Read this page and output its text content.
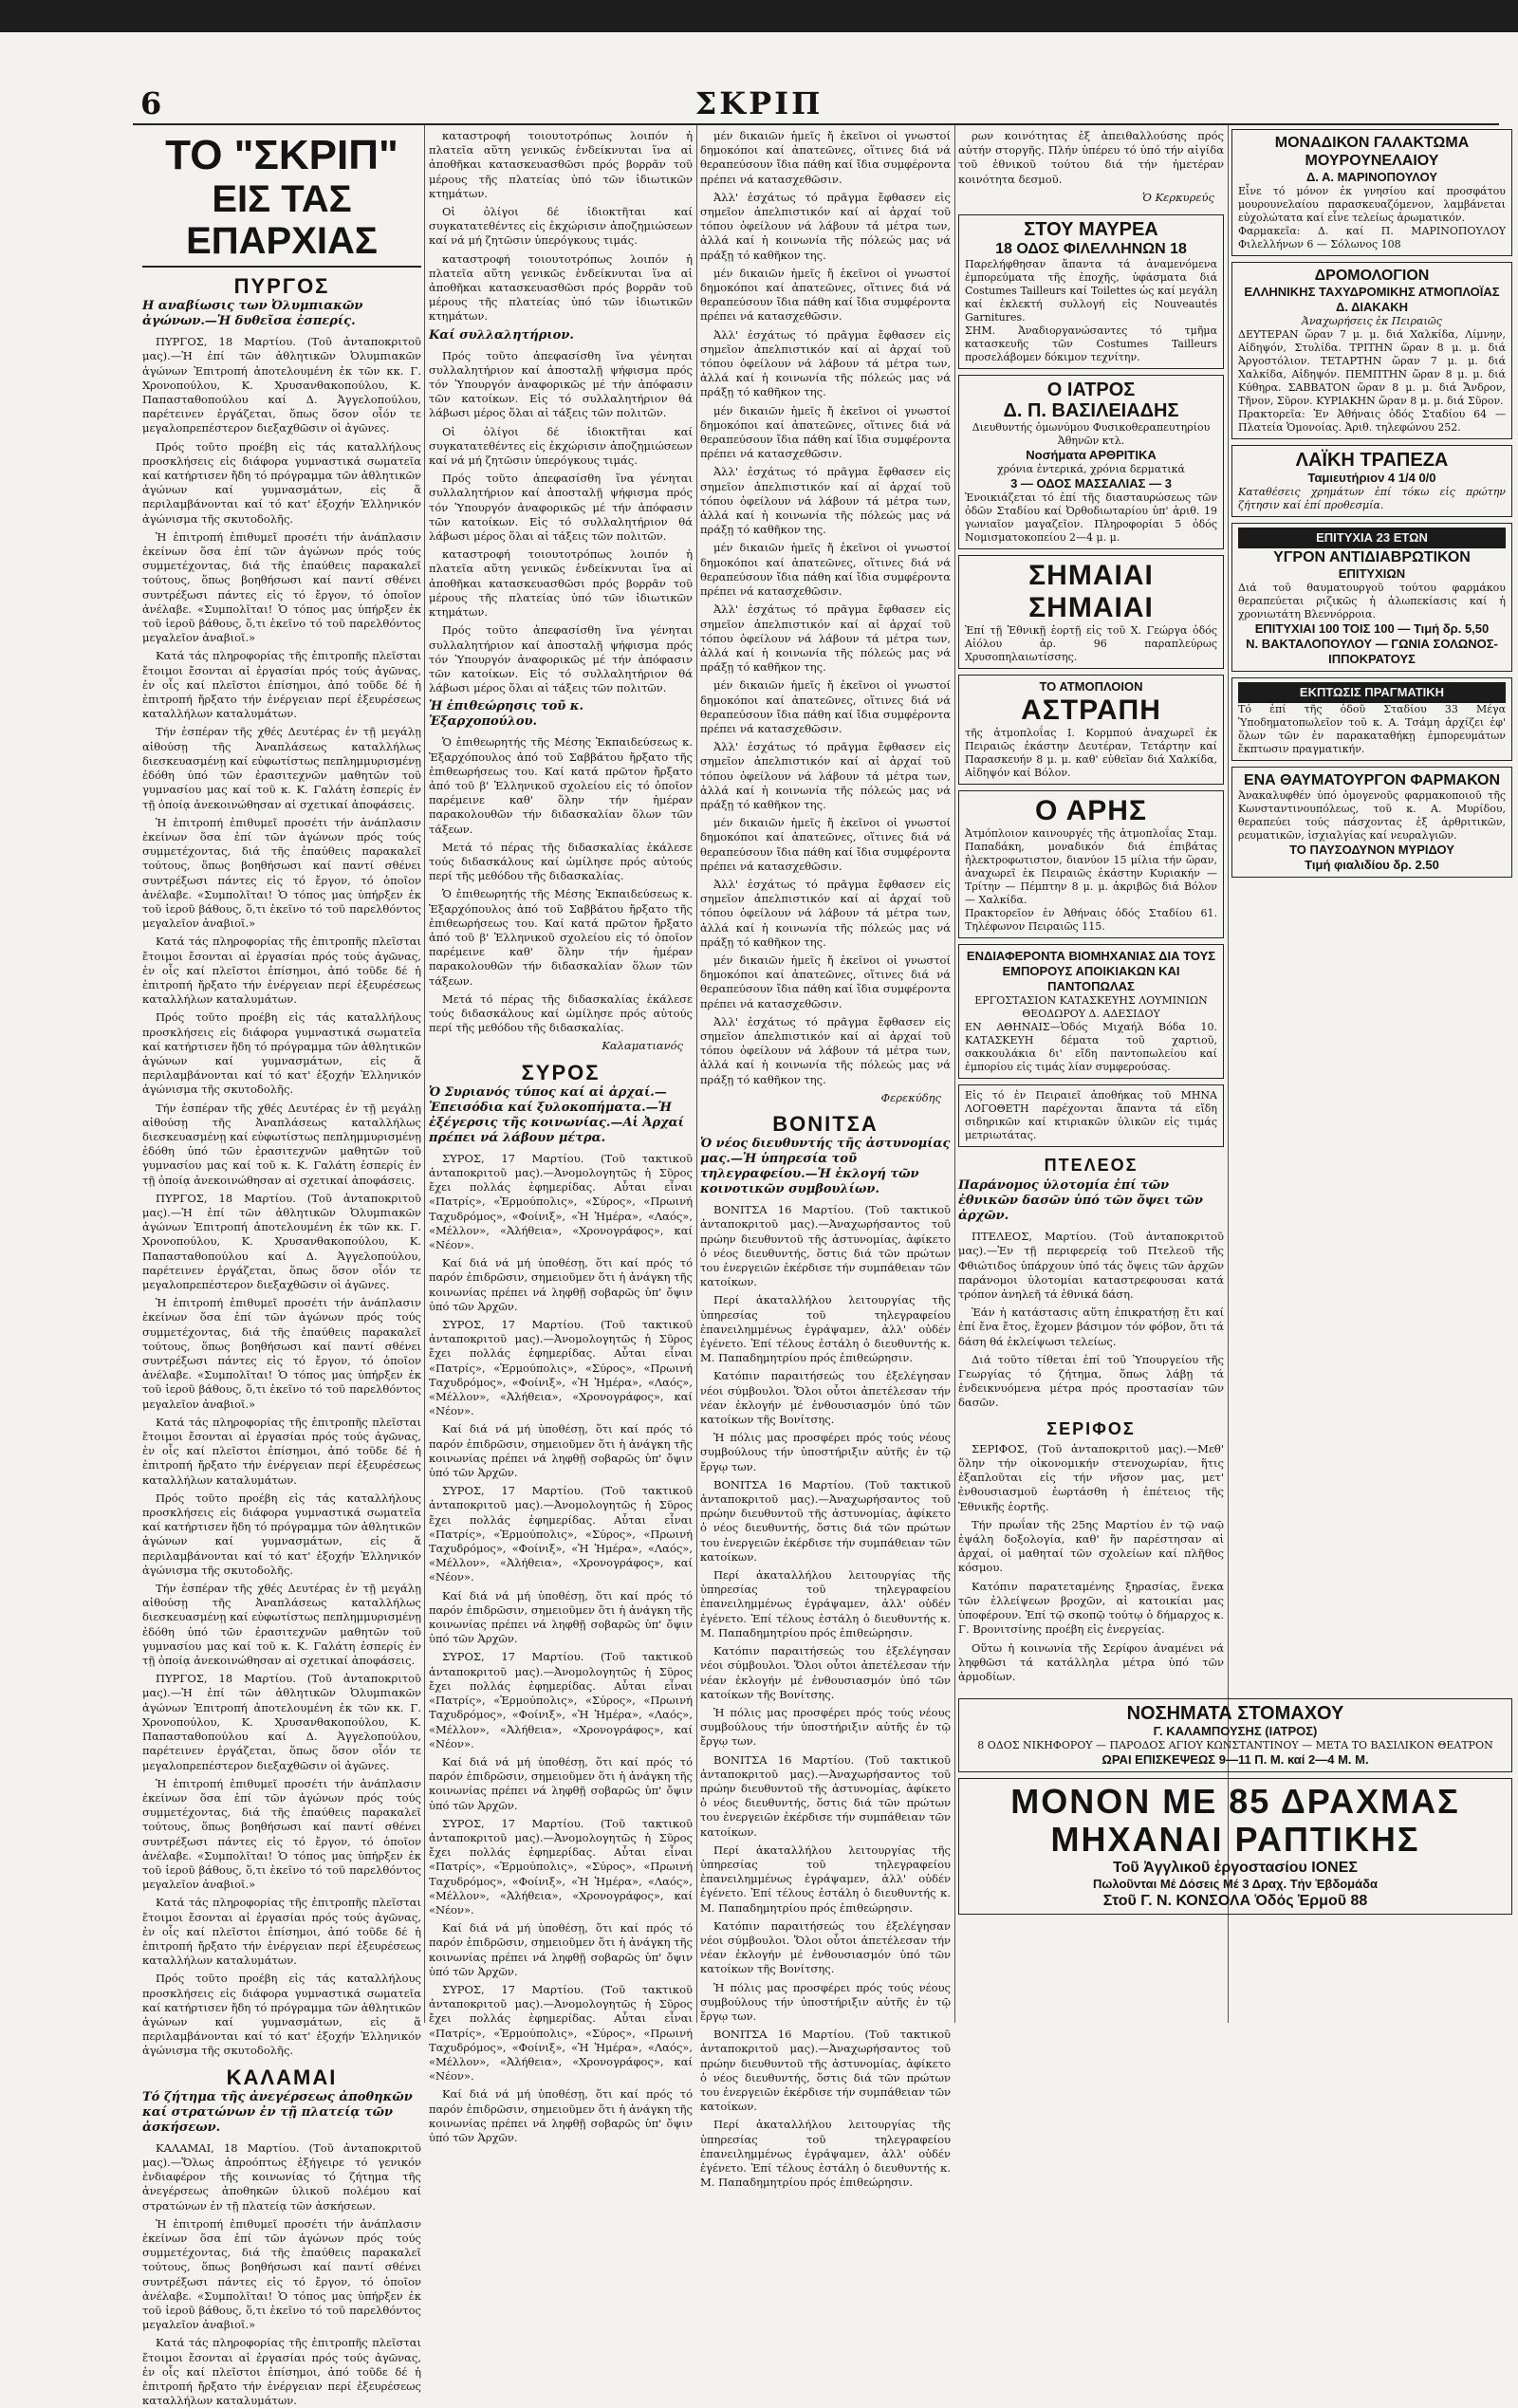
6	ΣΚΡΙΠ
ΤΟ "ΣΚΡΙΠ"
ΕΙΣ ΤΑΣ ΕΠΑΡΧΙΑΣ
ΠΥΡΓΟΣ
Η αναβίωσις των Ὀλυμπιακῶν ἀγώνων.—Ἡ δυθεῖσα ἐσπερίς.

ΠΥΡΓΟΣ, 18 Μαρτίου. (Τοῦ ἀνταποκριτοῦ μας).—Ἡ ἐπί τῶν ἀθλητικῶν Ὀλυμπιακῶν ἀγώνων Ἐπιτροπή ἀποτελουμένη ἐκ τῶν κκ. Γ. Χρονοπούλου, Κ. Χρυσανθακοπούλου, Κ. Παπασταθοπούλου καί Δ. Ἀγγελοπούλου, παρέτεινεν ἐργάζεται, ὅπως ὅσον οἷόν τε μεγαλοπρεπέστερον διεξαχθῶσιν οἱ ἀγῶνες.

Πρός τοῦτο προέβη εἰς τάς καταλλήλους προσκλήσεις εἰς διάφορα γυμναστικά σωματεῖα καί κατήρτισεν ἤδη τό πρόγραμμα τῶν ἀθλητικῶν ἀγώνων καί γυμνασμάτων, εἰς ἅ περιλαμβάνονται καί τό κατ' ἐξοχήν Ἑλληνικόν ἀγώνισμα τῆς σκυτοδολῆς.

Ἡ ἐπιτροπή ἐπιθυμεῖ προσέτι τήν ἀνάπλασιν ἐκείνων ὅσα ἐπί τῶν ἀγώνων πρός τούς συμμετέχοντας, διά τῆς ἐπαύθεις παρακαλεῖ τούτους, ὅπως βοηθήσωσι καί παντί σθένει συντρέξωσι πάντες εἰς τό ἔργον, τό ὁποῖον ἀνέλαβε. «Συμπολῖται! Ὁ τόπος μας ὑπήρξεν ἐκ τοῦ ἱεροῦ βάθους, ὅ,τι ἐκεῖνο τό τοῦ παρελθόντος μεγαλεῖον ἀναβιοῖ.»

Κατά τάς πληροφορίας τῆς ἐπιτροπῆς πλεῖσται ἔτοιμοι ἔσονται αἱ ἐργασίαι πρός τούς ἀγῶνας, ἐν οἷς καί πλεῖστοι ἐπίσημοι, ἀπό τοῦδε δέ ἡ ἐπιτροπή ἤρξατο τήν ἐνέργειαν περί ἐξευρέσεως καταλλήλων καταλυμάτων.

Τήν ἑσπέραν τῆς χθές Δευτέρας ἐν τῇ μεγάλῃ αἰθούσῃ τῆς Ἀναπλάσεως καταλλήλως διεσκευασμένῃ καί εὐφωτίστως πεπλημμυρισμένῃ ἐδόθη ὑπό τῶν ἐρασιτεχνῶν μαθητῶν τοῦ γυμνασίου μας καί τοῦ κ. Κ. Γαλάτη ἐσπερίς ἐν τῇ ὁποίᾳ ἀνεκοινώθησαν αἱ σχετικαί ἀποφάσεις.

Ἡ ἐπιτροπή ἐπιθυμεῖ προσέτι τήν ἀνάπλασιν ἐκείνων ὅσα ἐπί τῶν ἀγώνων πρός τούς συμμετέχοντας, διά τῆς ἐπαύθεις παρακαλεῖ τούτους, ὅπως βοηθήσωσι καί παντί σθένει συντρέξωσι πάντες εἰς τό ἔργον, τό ὁποῖον ἀνέλαβε. «Συμπολῖται! Ὁ τόπος μας ὑπήρξεν ἐκ τοῦ ἱεροῦ βάθους, ὅ,τι ἐκεῖνο τό τοῦ παρελθόντος μεγαλεῖον ἀναβιοῖ.»

Κατά τάς πληροφορίας τῆς ἐπιτροπῆς πλεῖσται ἔτοιμοι ἔσονται αἱ ἐργασίαι πρός τούς ἀγῶνας, ἐν οἷς καί πλεῖστοι ἐπίσημοι, ἀπό τοῦδε δέ ἡ ἐπιτροπή ἤρξατο τήν ἐνέργειαν περί ἐξευρέσεως καταλλήλων καταλυμάτων.

Πρός τοῦτο προέβη εἰς τάς καταλλήλους προσκλήσεις εἰς διάφορα γυμναστικά σωματεῖα καί κατήρτισεν ἤδη τό πρόγραμμα τῶν ἀθλητικῶν ἀγώνων καί γυμνασμάτων, εἰς ἅ περιλαμβάνονται καί τό κατ' ἐξοχήν Ἑλληνικόν ἀγώνισμα τῆς σκυτοδολῆς.

Τήν ἑσπέραν τῆς χθές Δευτέρας ἐν τῇ μεγάλῃ αἰθούσῃ τῆς Ἀναπλάσεως καταλλήλως διεσκευασμένῃ καί εὐφωτίστως πεπλημμυρισμένῃ ἐδόθη ὑπό τῶν ἐρασιτεχνῶν μαθητῶν τοῦ γυμνασίου μας καί τοῦ κ. Κ. Γαλάτη ἐσπερίς ἐν τῇ ὁποίᾳ ἀνεκοινώθησαν αἱ σχετικαί ἀποφάσεις.

ΠΥΡΓΟΣ, 18 Μαρτίου. (Τοῦ ἀνταποκριτοῦ μας).—Ἡ ἐπί τῶν ἀθλητικῶν Ὀλυμπιακῶν ἀγώνων Ἐπιτροπή ἀποτελουμένη ἐκ τῶν κκ. Γ. Χρονοπούλου, Κ. Χρυσανθακοπούλου, Κ. Παπασταθοπούλου καί Δ. Ἀγγελοπούλου, παρέτεινεν ἐργάζεται, ὅπως ὅσον οἷόν τε μεγαλοπρεπέστερον διεξαχθῶσιν οἱ ἀγῶνες.

Ἡ ἐπιτροπή ἐπιθυμεῖ προσέτι τήν ἀνάπλασιν ἐκείνων ὅσα ἐπί τῶν ἀγώνων πρός τούς συμμετέχοντας, διά τῆς ἐπαύθεις παρακαλεῖ τούτους, ὅπως βοηθήσωσι καί παντί σθένει συντρέξωσι πάντες εἰς τό ἔργον, τό ὁποῖον ἀνέλαβε. «Συμπολῖται! Ὁ τόπος μας ὑπήρξεν ἐκ τοῦ ἱεροῦ βάθους, ὅ,τι ἐκεῖνο τό τοῦ παρελθόντος μεγαλεῖον ἀναβιοῖ.»

Κατά τάς πληροφορίας τῆς ἐπιτροπῆς πλεῖσται ἔτοιμοι ἔσονται αἱ ἐργασίαι πρός τούς ἀγῶνας, ἐν οἷς καί πλεῖστοι ἐπίσημοι, ἀπό τοῦδε δέ ἡ ἐπιτροπή ἤρξατο τήν ἐνέργειαν περί ἐξευρέσεως καταλλήλων καταλυμάτων.

Πρός τοῦτο προέβη εἰς τάς καταλλήλους προσκλήσεις εἰς διάφορα γυμναστικά σωματεῖα καί κατήρτισεν ἤδη τό πρόγραμμα τῶν ἀθλητικῶν ἀγώνων καί γυμνασμάτων, εἰς ἅ περιλαμβάνονται καί τό κατ' ἐξοχήν Ἑλληνικόν ἀγώνισμα τῆς σκυτοδολῆς.

Τήν ἑσπέραν τῆς χθές Δευτέρας ἐν τῇ μεγάλῃ αἰθούσῃ τῆς Ἀναπλάσεως καταλλήλως διεσκευασμένῃ καί εὐφωτίστως πεπλημμυρισμένῃ ἐδόθη ὑπό τῶν ἐρασιτεχνῶν μαθητῶν τοῦ γυμνασίου μας καί τοῦ κ. Κ. Γαλάτη ἐσπερίς ἐν τῇ ὁποίᾳ ἀνεκοινώθησαν αἱ σχετικαί ἀποφάσεις.

ΠΥΡΓΟΣ, 18 Μαρτίου. (Τοῦ ἀνταποκριτοῦ μας).—Ἡ ἐπί τῶν ἀθλητικῶν Ὀλυμπιακῶν ἀγώνων Ἐπιτροπή ἀποτελουμένη ἐκ τῶν κκ. Γ. Χρονοπούλου, Κ. Χρυσανθακοπούλου, Κ. Παπασταθοπούλου καί Δ. Ἀγγελοπούλου, παρέτεινεν ἐργάζεται, ὅπως ὅσον οἷόν τε μεγαλοπρεπέστερον διεξαχθῶσιν οἱ ἀγῶνες.

Ἡ ἐπιτροπή ἐπιθυμεῖ προσέτι τήν ἀνάπλασιν ἐκείνων ὅσα ἐπί τῶν ἀγώνων πρός τούς συμμετέχοντας, διά τῆς ἐπαύθεις παρακαλεῖ τούτους, ὅπως βοηθήσωσι καί παντί σθένει συντρέξωσι πάντες εἰς τό ἔργον, τό ὁποῖον ἀνέλαβε. «Συμπολῖται! Ὁ τόπος μας ὑπήρξεν ἐκ τοῦ ἱεροῦ βάθους, ὅ,τι ἐκεῖνο τό τοῦ παρελθόντος μεγαλεῖον ἀναβιοῖ.»

Κατά τάς πληροφορίας τῆς ἐπιτροπῆς πλεῖσται ἔτοιμοι ἔσονται αἱ ἐργασίαι πρός τούς ἀγῶνας, ἐν οἷς καί πλεῖστοι ἐπίσημοι, ἀπό τοῦδε δέ ἡ ἐπιτροπή ἤρξατο τήν ἐνέργειαν περί ἐξευρέσεως καταλλήλων καταλυμάτων.

Πρός τοῦτο προέβη εἰς τάς καταλλήλους προσκλήσεις εἰς διάφορα γυμναστικά σωματεῖα καί κατήρτισεν ἤδη τό πρόγραμμα τῶν ἀθλητικῶν ἀγώνων καί γυμνασμάτων, εἰς ἅ περιλαμβάνονται καί τό κατ' ἐξοχήν Ἑλληνικόν ἀγώνισμα τῆς σκυτοδολῆς.

ΚΑΛΑΜΑΙ
Τό ζήτημα τῆς ἀνεγέρσεως ἀποθηκῶν καί στρατώνων ἐν τῇ πλατείᾳ τῶν ἀσκήσεων.

ΚΑΛΑΜΑΙ, 18 Μαρτίου. (Τοῦ ἀνταποκριτοῦ μας).—Ὅλως ἀπροόπτως ἐξήγειρε τό γενικόν ἐνδιαφέρον τῆς κοινωνίας τό ζήτημα τῆς ἀνεγέρσεως ἀποθηκῶν ὑλικοῦ πολέμου καί στρατώνων ἐν τῇ πλατείᾳ τῶν ἀσκήσεων.

Ἡ ἐπιτροπή ἐπιθυμεῖ προσέτι τήν ἀνάπλασιν ἐκείνων ὅσα ἐπί τῶν ἀγώνων πρός τούς συμμετέχοντας, διά τῆς ἐπαύθεις παρακαλεῖ τούτους, ὅπως βοηθήσωσι καί παντί σθένει συντρέξωσι πάντες εἰς τό ἔργον, τό ὁποῖον ἀνέλαβε. «Συμπολῖται! Ὁ τόπος μας ὑπήρξεν ἐκ τοῦ ἱεροῦ βάθους, ὅ,τι ἐκεῖνο τό τοῦ παρελθόντος μεγαλεῖον ἀναβιοῖ.»

Κατά τάς πληροφορίας τῆς ἐπιτροπῆς πλεῖσται ἔτοιμοι ἔσονται αἱ ἐργασίαι πρός τούς ἀγῶνας, ἐν οἷς καί πλεῖστοι ἐπίσημοι, ἀπό τοῦδε δέ ἡ ἐπιτροπή ἤρξατο τήν ἐνέργειαν περί ἐξευρέσεως καταλλήλων καταλυμάτων.

καταστροφή τοιουτοτρόπως λοιπόν ἡ πλατεῖα αὕτη γενικῶς ἐνδείκνυται ἵνα αἱ ἀποθῆκαι κατασκευασθῶσι πρός βορρᾶν τοῦ μέρους τῆς πλατείας ὑπό τῶν ἰδιωτικῶν κτημάτων.

Οἱ ὀλίγοι δέ ἰδιοκτῆται καί συγκατατεθέντες εἰς ἐκχώρισιν ἀποζημιώσεων καί νά μή ζητῶσιν ὑπερόγκους τιμάς.

καταστροφή τοιουτοτρόπως λοιπόν ἡ πλατεῖα αὕτη γενικῶς ἐνδείκνυται ἵνα αἱ ἀποθῆκαι κατασκευασθῶσι πρός βορρᾶν τοῦ μέρους τῆς πλατείας ὑπό τῶν ἰδιωτικῶν κτημάτων.

Καί συλλαλητήριον.

Πρός τοῦτο ἀπεφασίσθη ἵνα γένηται συλλαλητήριον καί ἀποσταλῇ ψήφισμα πρός τόν Ὑπουργόν ἀναφορικῶς μέ τήν ἀπόφασιν τῶν κατοίκων. Εἰς τό συλλαλητήριον θά λάβωσι μέρος ὅλαι αἱ τάξεις τῶν πολιτῶν.

Οἱ ὀλίγοι δέ ἰδιοκτῆται καί συγκατατεθέντες εἰς ἐκχώρισιν ἀποζημιώσεων καί νά μή ζητῶσιν ὑπερόγκους τιμάς.

Πρός τοῦτο ἀπεφασίσθη ἵνα γένηται συλλαλητήριον καί ἀποσταλῇ ψήφισμα πρός τόν Ὑπουργόν ἀναφορικῶς μέ τήν ἀπόφασιν τῶν κατοίκων. Εἰς τό συλλαλητήριον θά λάβωσι μέρος ὅλαι αἱ τάξεις τῶν πολιτῶν.

καταστροφή τοιουτοτρόπως λοιπόν ἡ πλατεῖα αὕτη γενικῶς ἐνδείκνυται ἵνα αἱ ἀποθῆκαι κατασκευασθῶσι πρός βορρᾶν τοῦ μέρους τῆς πλατείας ὑπό τῶν ἰδιωτικῶν κτημάτων.

Πρός τοῦτο ἀπεφασίσθη ἵνα γένηται συλλαλητήριον καί ἀποσταλῇ ψήφισμα πρός τόν Ὑπουργόν ἀναφορικῶς μέ τήν ἀπόφασιν τῶν κατοίκων. Εἰς τό συλλαλητήριον θά λάβωσι μέρος ὅλαι αἱ τάξεις τῶν πολιτῶν.

Ἡ ἐπιθεώρησις τοῦ κ. Ἐξαρχοπούλου.

Ὁ ἐπιθεωρητής τῆς Μέσης Ἐκπαιδεύσεως κ. Ἐξαρχόπουλος ἀπό τοῦ Σαββάτου ἤρξατο τῆς ἐπιθεωρήσεως του. Καί κατά πρῶτον ἤρξατο ἀπό τοῦ β' Ἑλληνικοῦ σχολείου εἰς τό ὁποῖον παρέμεινε καθ' ὅλην τήν ἡμέραν παρακολουθῶν τήν διδασκαλίαν ὅλων τῶν τάξεων.

Μετά τό πέρας τῆς διδασκαλίας ἐκάλεσε τούς διδασκάλους καί ὡμίλησε πρός αὐτούς περί τῆς μεθόδου τῆς διδασκαλίας.

Ὁ ἐπιθεωρητής τῆς Μέσης Ἐκπαιδεύσεως κ. Ἐξαρχόπουλος ἀπό τοῦ Σαββάτου ἤρξατο τῆς ἐπιθεωρήσεως του. Καί κατά πρῶτον ἤρξατο ἀπό τοῦ β' Ἑλληνικοῦ σχολείου εἰς τό ὁποῖον παρέμεινε καθ' ὅλην τήν ἡμέραν παρακολουθῶν τήν διδασκαλίαν ὅλων τῶν τάξεων.

Μετά τό πέρας τῆς διδασκαλίας ἐκάλεσε τούς διδασκάλους καί ὡμίλησε πρός αὐτούς περί τῆς μεθόδου τῆς διδασκαλίας.

Καλαματιανός
ΣΥΡΟΣ
Ὁ Συριανός τύπος καί αἱ ἀρχαί.—Ἐπεισόδια καί ξυλοκοπήματα.—Ἡ ἐξέγερσις τῆς κοινωνίας.—Αἱ Ἀρχαί πρέπει νά λάβουν μέτρα.

ΣΥΡΟΣ, 17 Μαρτίου. (Τοῦ τακτικοῦ ἀνταποκριτοῦ μας).—Ἀνομολογητῶς ἡ Σῦρος ἔχει πολλάς ἐφημερίδας. Αὗται εἶναι «Πατρίς», «Ἑρμούπολις», «Σύρος», «Πρωινή Ταχυδρόμος», «Φοίνιξ», «Ἡ Ἡμέρα», «Λαός», «Μέλλον», «Ἀλήθεια», «Χρονογράφος», καί «Νέον».

Καί διά νά μή ὑποθέσῃ, ὅτι καί πρός τό παρόν ἐπιδρῶσιν, σημειοῦμεν ὅτι ἡ ἀνάγκη τῆς κοινωνίας πρέπει νά ληφθῇ σοβαρῶς ὑπ' ὄψιν ὑπό τῶν Ἀρχῶν.

ΣΥΡΟΣ, 17 Μαρτίου. (Τοῦ τακτικοῦ ἀνταποκριτοῦ μας).—Ἀνομολογητῶς ἡ Σῦρος ἔχει πολλάς ἐφημερίδας. Αὗται εἶναι «Πατρίς», «Ἑρμούπολις», «Σύρος», «Πρωινή Ταχυδρόμος», «Φοίνιξ», «Ἡ Ἡμέρα», «Λαός», «Μέλλον», «Ἀλήθεια», «Χρονογράφος», καί «Νέον».

Καί διά νά μή ὑποθέσῃ, ὅτι καί πρός τό παρόν ἐπιδρῶσιν, σημειοῦμεν ὅτι ἡ ἀνάγκη τῆς κοινωνίας πρέπει νά ληφθῇ σοβαρῶς ὑπ' ὄψιν ὑπό τῶν Ἀρχῶν.

ΣΥΡΟΣ, 17 Μαρτίου. (Τοῦ τακτικοῦ ἀνταποκριτοῦ μας).—Ἀνομολογητῶς ἡ Σῦρος ἔχει πολλάς ἐφημερίδας. Αὗται εἶναι «Πατρίς», «Ἑρμούπολις», «Σύρος», «Πρωινή Ταχυδρόμος», «Φοίνιξ», «Ἡ Ἡμέρα», «Λαός», «Μέλλον», «Ἀλήθεια», «Χρονογράφος», καί «Νέον».

Καί διά νά μή ὑποθέσῃ, ὅτι καί πρός τό παρόν ἐπιδρῶσιν, σημειοῦμεν ὅτι ἡ ἀνάγκη τῆς κοινωνίας πρέπει νά ληφθῇ σοβαρῶς ὑπ' ὄψιν ὑπό τῶν Ἀρχῶν.

ΣΥΡΟΣ, 17 Μαρτίου. (Τοῦ τακτικοῦ ἀνταποκριτοῦ μας).—Ἀνομολογητῶς ἡ Σῦρος ἔχει πολλάς ἐφημερίδας. Αὗται εἶναι «Πατρίς», «Ἑρμούπολις», «Σύρος», «Πρωινή Ταχυδρόμος», «Φοίνιξ», «Ἡ Ἡμέρα», «Λαός», «Μέλλον», «Ἀλήθεια», «Χρονογράφος», καί «Νέον».

Καί διά νά μή ὑποθέσῃ, ὅτι καί πρός τό παρόν ἐπιδρῶσιν, σημειοῦμεν ὅτι ἡ ἀνάγκη τῆς κοινωνίας πρέπει νά ληφθῇ σοβαρῶς ὑπ' ὄψιν ὑπό τῶν Ἀρχῶν.

ΣΥΡΟΣ, 17 Μαρτίου. (Τοῦ τακτικοῦ ἀνταποκριτοῦ μας).—Ἀνομολογητῶς ἡ Σῦρος ἔχει πολλάς ἐφημερίδας. Αὗται εἶναι «Πατρίς», «Ἑρμούπολις», «Σύρος», «Πρωινή Ταχυδρόμος», «Φοίνιξ», «Ἡ Ἡμέρα», «Λαός», «Μέλλον», «Ἀλήθεια», «Χρονογράφος», καί «Νέον».

Καί διά νά μή ὑποθέσῃ, ὅτι καί πρός τό παρόν ἐπιδρῶσιν, σημειοῦμεν ὅτι ἡ ἀνάγκη τῆς κοινωνίας πρέπει νά ληφθῇ σοβαρῶς ὑπ' ὄψιν ὑπό τῶν Ἀρχῶν.

ΣΥΡΟΣ, 17 Μαρτίου. (Τοῦ τακτικοῦ ἀνταποκριτοῦ μας).—Ἀνομολογητῶς ἡ Σῦρος ἔχει πολλάς ἐφημερίδας. Αὗται εἶναι «Πατρίς», «Ἑρμούπολις», «Σύρος», «Πρωινή Ταχυδρόμος», «Φοίνιξ», «Ἡ Ἡμέρα», «Λαός», «Μέλλον», «Ἀλήθεια», «Χρονογράφος», καί «Νέον».

Καί διά νά μή ὑποθέσῃ, ὅτι καί πρός τό παρόν ἐπιδρῶσιν, σημειοῦμεν ὅτι ἡ ἀνάγκη τῆς κοινωνίας πρέπει νά ληφθῇ σοβαρῶς ὑπ' ὄψιν ὑπό τῶν Ἀρχῶν.

μέν δικαιῶν ἡμεῖς ἤ ἐκεῖνοι οἱ γνωστοί δημοκόποι καί ἀπατεῶνες, οἵτινες διά νά θεραπεύσουν ἴδια πάθη καί ἴδια συμφέροντα πρέπει νά κατασχεθῶσιν.

Ἀλλ' ἐσχάτως τό πρᾶγμα ἔφθασεν εἰς σημεῖον ἀπελπιστικόν καί αἱ ἀρχαί τοῦ τόπου ὀφείλουν νά λάβουν τά μέτρα των, ἀλλά καί ἡ κοινωνία τῆς πόλεώς μας νά πράξῃ τό καθῆκον της.

μέν δικαιῶν ἡμεῖς ἤ ἐκεῖνοι οἱ γνωστοί δημοκόποι καί ἀπατεῶνες, οἵτινες διά νά θεραπεύσουν ἴδια πάθη καί ἴδια συμφέροντα πρέπει νά κατασχεθῶσιν.

Ἀλλ' ἐσχάτως τό πρᾶγμα ἔφθασεν εἰς σημεῖον ἀπελπιστικόν καί αἱ ἀρχαί τοῦ τόπου ὀφείλουν νά λάβουν τά μέτρα των, ἀλλά καί ἡ κοινωνία τῆς πόλεώς μας νά πράξῃ τό καθῆκον της.

μέν δικαιῶν ἡμεῖς ἤ ἐκεῖνοι οἱ γνωστοί δημοκόποι καί ἀπατεῶνες, οἵτινες διά νά θεραπεύσουν ἴδια πάθη καί ἴδια συμφέροντα πρέπει νά κατασχεθῶσιν.

Ἀλλ' ἐσχάτως τό πρᾶγμα ἔφθασεν εἰς σημεῖον ἀπελπιστικόν καί αἱ ἀρχαί τοῦ τόπου ὀφείλουν νά λάβουν τά μέτρα των, ἀλλά καί ἡ κοινωνία τῆς πόλεώς μας νά πράξῃ τό καθῆκον της.

μέν δικαιῶν ἡμεῖς ἤ ἐκεῖνοι οἱ γνωστοί δημοκόποι καί ἀπατεῶνες, οἵτινες διά νά θεραπεύσουν ἴδια πάθη καί ἴδια συμφέροντα πρέπει νά κατασχεθῶσιν.

Ἀλλ' ἐσχάτως τό πρᾶγμα ἔφθασεν εἰς σημεῖον ἀπελπιστικόν καί αἱ ἀρχαί τοῦ τόπου ὀφείλουν νά λάβουν τά μέτρα των, ἀλλά καί ἡ κοινωνία τῆς πόλεώς μας νά πράξῃ τό καθῆκον της.

μέν δικαιῶν ἡμεῖς ἤ ἐκεῖνοι οἱ γνωστοί δημοκόποι καί ἀπατεῶνες, οἵτινες διά νά θεραπεύσουν ἴδια πάθη καί ἴδια συμφέροντα πρέπει νά κατασχεθῶσιν.

Ἀλλ' ἐσχάτως τό πρᾶγμα ἔφθασεν εἰς σημεῖον ἀπελπιστικόν καί αἱ ἀρχαί τοῦ τόπου ὀφείλουν νά λάβουν τά μέτρα των, ἀλλά καί ἡ κοινωνία τῆς πόλεώς μας νά πράξῃ τό καθῆκον της.

μέν δικαιῶν ἡμεῖς ἤ ἐκεῖνοι οἱ γνωστοί δημοκόποι καί ἀπατεῶνες, οἵτινες διά νά θεραπεύσουν ἴδια πάθη καί ἴδια συμφέροντα πρέπει νά κατασχεθῶσιν.

Ἀλλ' ἐσχάτως τό πρᾶγμα ἔφθασεν εἰς σημεῖον ἀπελπιστικόν καί αἱ ἀρχαί τοῦ τόπου ὀφείλουν νά λάβουν τά μέτρα των, ἀλλά καί ἡ κοινωνία τῆς πόλεώς μας νά πράξῃ τό καθῆκον της.

μέν δικαιῶν ἡμεῖς ἤ ἐκεῖνοι οἱ γνωστοί δημοκόποι καί ἀπατεῶνες, οἵτινες διά νά θεραπεύσουν ἴδια πάθη καί ἴδια συμφέροντα πρέπει νά κατασχεθῶσιν.

Ἀλλ' ἐσχάτως τό πρᾶγμα ἔφθασεν εἰς σημεῖον ἀπελπιστικόν καί αἱ ἀρχαί τοῦ τόπου ὀφείλουν νά λάβουν τά μέτρα των, ἀλλά καί ἡ κοινωνία τῆς πόλεώς μας νά πράξῃ τό καθῆκον της.

Φερεκύδης
ΒΟΝΙΤΣΑ
Ὁ νέος διευθυντής τῆς ἀστυνομίας μας.—Ἡ ὑπηρεσία τοῦ τηλεγραφείου.—Ἡ ἐκλογή τῶν κοινοτικῶν συμβουλίων.

ΒΟΝΙΤΣΑ 16 Μαρτίου. (Τοῦ τακτικοῦ ἀνταποκριτοῦ μας).—Ἀναχωρήσαντος τοῦ πρώην διευθυντοῦ τῆς ἀστυνομίας, ἀφίκετο ὁ νέος διευθυντής, ὅστις διά τῶν πρώτων του ἐνεργειῶν ἐκέρδισε τήν συμπάθειαν τῶν κατοίκων.

Περί ἀκαταλλήλου λειτουργίας τῆς ὑπηρεσίας τοῦ τηλεγραφείου ἐπανειλημμένως ἐγράψαμεν, ἀλλ' οὐδέν ἐγένετο. Ἐπί τέλους ἐστάλη ὁ διευθυντής κ. Μ. Παπαδημητρίου πρός ἐπιθεώρησιν.

Κατόπιν παραιτήσεώς του ἐξελέγησαν νέοι σύμβουλοι. Ὅλοι οὗτοι ἀπετέλεσαν τήν νέαν ἐκλογήν μέ ἐνθουσιασμόν ὑπό τῶν κατοίκων τῆς Βονίτσης.

Ἡ πόλις μας προσφέρει πρός τούς νέους συμβούλους τήν ὑποστήριξιν αὐτῆς ἐν τῷ ἔργῳ των.

ΒΟΝΙΤΣΑ 16 Μαρτίου. (Τοῦ τακτικοῦ ἀνταποκριτοῦ μας).—Ἀναχωρήσαντος τοῦ πρώην διευθυντοῦ τῆς ἀστυνομίας, ἀφίκετο ὁ νέος διευθυντής, ὅστις διά τῶν πρώτων του ἐνεργειῶν ἐκέρδισε τήν συμπάθειαν τῶν κατοίκων.

Περί ἀκαταλλήλου λειτουργίας τῆς ὑπηρεσίας τοῦ τηλεγραφείου ἐπανειλημμένως ἐγράψαμεν, ἀλλ' οὐδέν ἐγένετο. Ἐπί τέλους ἐστάλη ὁ διευθυντής κ. Μ. Παπαδημητρίου πρός ἐπιθεώρησιν.

Κατόπιν παραιτήσεώς του ἐξελέγησαν νέοι σύμβουλοι. Ὅλοι οὗτοι ἀπετέλεσαν τήν νέαν ἐκλογήν μέ ἐνθουσιασμόν ὑπό τῶν κατοίκων τῆς Βονίτσης.

Ἡ πόλις μας προσφέρει πρός τούς νέους συμβούλους τήν ὑποστήριξιν αὐτῆς ἐν τῷ ἔργῳ των.

ΒΟΝΙΤΣΑ 16 Μαρτίου. (Τοῦ τακτικοῦ ἀνταποκριτοῦ μας).—Ἀναχωρήσαντος τοῦ πρώην διευθυντοῦ τῆς ἀστυνομίας, ἀφίκετο ὁ νέος διευθυντής, ὅστις διά τῶν πρώτων του ἐνεργειῶν ἐκέρδισε τήν συμπάθειαν τῶν κατοίκων.

Περί ἀκαταλλήλου λειτουργίας τῆς ὑπηρεσίας τοῦ τηλεγραφείου ἐπανειλημμένως ἐγράψαμεν, ἀλλ' οὐδέν ἐγένετο. Ἐπί τέλους ἐστάλη ὁ διευθυντής κ. Μ. Παπαδημητρίου πρός ἐπιθεώρησιν.

Κατόπιν παραιτήσεώς του ἐξελέγησαν νέοι σύμβουλοι. Ὅλοι οὗτοι ἀπετέλεσαν τήν νέαν ἐκλογήν μέ ἐνθουσιασμόν ὑπό τῶν κατοίκων τῆς Βονίτσης.

Ἡ πόλις μας προσφέρει πρός τούς νέους συμβούλους τήν ὑποστήριξιν αὐτῆς ἐν τῷ ἔργῳ των.

ΒΟΝΙΤΣΑ 16 Μαρτίου. (Τοῦ τακτικοῦ ἀνταποκριτοῦ μας).—Ἀναχωρήσαντος τοῦ πρώην διευθυντοῦ τῆς ἀστυνομίας, ἀφίκετο ὁ νέος διευθυντής, ὅστις διά τῶν πρώτων του ἐνεργειῶν ἐκέρδισε τήν συμπάθειαν τῶν κατοίκων.

Περί ἀκαταλλήλου λειτουργίας τῆς ὑπηρεσίας τοῦ τηλεγραφείου ἐπανειλημμένως ἐγράψαμεν, ἀλλ' οὐδέν ἐγένετο. Ἐπί τέλους ἐστάλη ὁ διευθυντής κ. Μ. Παπαδημητρίου πρός ἐπιθεώρησιν.

ρων κοινότητας ἐξ ἀπειθαλλούσης πρός αὐτήν στοργῆς. Πλήν ὑπέρευ τό ὑπό τήν αἰγίδα τοῦ ἐθνικοῦ τούτου διά τήν ἡμετέραν κοινότητα δεσμοῦ.

Ὁ Κερκυρεύς
ΣΤΟΥ ΜΑΥΡΕΑ
18 ΟΔΟΣ ΦΙΛΕΛΛΗΝΩΝ 18
Παρελήφθησαν ἅπαντα τά ἀναμενόμενα ἐμπορεύματα τῆς ἐποχῆς, ὑφάσματα διά Costumes Tailleurs καί Toilettes ὡς καί μεγάλη καί ἐκλεκτή συλλογή εἰς Nouveautés Garnitures.
ΣΗΜ. Ἀναδιοργανώσαντες τό τμῆμα κατασκευῆς τῶν Costumes Tailleurs προσελάβομεν δόκιμον τεχνίτην.
Ο ΙΑΤΡΟΣ
Δ. Π. ΒΑΣΙΛΕΙΑΔΗΣ
Διευθυντής ὁμωνύμου Φυσικοθεραπευτηρίου Ἀθηνῶν κτλ.
Νοσήματα ΑΡΘΡΙΤΙΚΑ
χρόνια ἐντερικά, χρόνια δερματικά
3 — ΟΔΟΣ ΜΑΣΣΑΛΙΑΣ — 3
Ἐνοικιάζεται τό ἐπί τῆς διασταυρώσεως τῶν ὁδῶν Σταδίου καί Ὀρθοδιωταρίου ὑπ' ἀριθ. 19 γωνιαῖον μαγαζεῖον. Πληροφορίαι 5 ὁδός Νομισματοκοπείου 2—4 μ. μ.
ΣΗΜΑΙΑΙ ΣΗΜΑΙΑΙ
Ἐπί τῇ Ἐθνικῇ ἑορτῇ εἰς τοῦ Χ. Γεώργα ὁδός Αἰόλου ἀρ. 96 παραπλεύρως Χρυσοπηλαιωτίσσης.
ΤΟ ΑΤΜΟΠΛΟΙΟΝ
ΑΣΤΡΑΠΗ
τῆς ἀτμοπλοΐας Ι. Κορμπού ἀναχωρεῖ ἐκ Πειραιῶς ἐκάστην Δευτέραν, Τετάρτην καί Παρασκευήν 8 μ. μ. καθ' εὐθεῖαν διά Χαλκίδα, Αἰδηψόν καί Βόλον.
Ο ΑΡΗΣ
Ἀτμόπλοιον καινουργές τῆς ἀτμοπλοΐας Σταμ. Παπαδάκη, μοναδικόν διά ἐπιβάτας ἠλεκτροφωτιστον, διανύον 15 μίλια τήν ὥραν, ἀναχωρεῖ ἐκ Πειραιῶς ἐκάστην Κυριακήν — Τρίτην — Πέμπτην 8 μ. μ. ἀκριβῶς διά Βόλον — Χαλκίδα.
Πρακτορεῖον ἐν Ἀθήναις ὁδός Σταδίου 61. Τηλέφωνον Πειραιῶς 115.
ΕΝΔΙΑΦΕΡΟΝΤΑ ΒΙΟΜΗΧΑΝΙΑΣ ΔΙΑ ΤΟΥΣ ΕΜΠΟΡΟΥΣ ΑΠΟΙΚΙΑΚΩΝ ΚΑΙ ΠΑΝΤΟΠΩΛΑΣ
ΕΡΓΟΣΤΑΣΙΟΝ ΚΑΤΑΣΚΕΥΗΣ ΛΟΥΜΙΝΙΩΝ ΘΕΟΔΩΡΟΥ Δ. ΑΔΕΣΙΔΟΥ
ΕΝ ΑΘΗΝΑΙΣ—Ὁδός Μιχαήλ Βόδα 10. ΚΑΤΑΣΚΕΥΗ δέματα τοῦ χαρτιοῦ, σακκουλάκια δι' εἴδη παντοπωλείου καί ἐμπορίου εἰς τιμάς λίαν συμφερούσας.
Εἰς τό ἐν Πειραιεῖ ἀποθήκας τοῦ ΜΗΝΑ ΛΟΓΟΘΕΤΗ παρέχονται ἅπαντα τά εἴδη σιδηρικῶν καί κτιριακῶν ὑλικῶν εἰς τιμάς μετριωτάτας.
ΠΤΕΛΕΟΣ
Παράνομος ὑλοτομία ἐπί τῶν ἐθνικῶν δασῶν ὑπό τῶν ὄψει τῶν ἀρχῶν.

ΠΤΕΛΕΟΣ, Μαρτίου. (Τοῦ ἀνταποκριτοῦ μας).—Ἐν τῇ περιφερείᾳ τοῦ Πτελεοῦ τῆς Φθιώτιδος ὑπάρχουν ὑπό τάς ὄψεις τῶν ἀρχῶν παράνομοι ὑλοτομίαι καταστρεφουσαι κατά τρόπον ἀνηλεῆ τά ἐθνικά δάση.

Ἐάν ἡ κατάστασις αὕτη ἐπικρατήσῃ ἔτι καί ἐπί ἔνα ἔτος, ἔχομεν βάσιμον τόν φόβον, ὅτι τά δάση θά ἐκλείψωσι τελείως.

Διά τοῦτο τίθεται ἐπί τοῦ Ὑπουργείου τῆς Γεωργίας τό ζήτημα, ὅπως λάβῃ τά ἐνδεικνυόμενα μέτρα πρός προστασίαν τῶν δασῶν.

ΣΕΡΙΦΟΣ

ΣΕΡΙΦΟΣ, (Τοῦ ἀνταποκριτοῦ μας).—Μεθ' ὅλην τήν οἰκονομικήν στενοχωρίαν, ἥτις ἐξαπλοῦται εἰς τήν νῆσον μας, μετ' ἐνθουσιασμοῦ ἐωρτάσθη ἡ ἐπέτειος τῆς Ἐθνικῆς ἑορτῆς.

Τήν πρωΐαν τῆς 25ης Μαρτίου ἐν τῷ ναῷ ἐψάλη δοξολογία, καθ' ἥν παρέστησαν αἱ ἀρχαί, οἱ μαθηταί τῶν σχολείων καί πλῆθος κόσμου.

Κατόπιν παρατεταμένης ξηρασίας, ἕνεκα τῶν ἐλλείψεων βροχῶν, αἱ κατοικίαι μας ὑποφέρουν. Ἐπί τῷ σκοπῷ τούτῳ ὁ δήμαρχος κ. Γ. Βρονιτσίνης προέβη εἰς ἐνεργείας.

Οὕτω ἡ κοινωνία τῆς Σερίφου ἀναμένει νά ληφθῶσι τά κατάλληλα μέτρα ὑπό τῶν ἀρμοδίων.

ΜΟΝΑΔΙΚΟΝ ΓΑΛΑΚΤΩΜΑ ΜΟΥΡΟΥΝΕΛΑΙΟΥ
Δ. Α. ΜΑΡΙΝΟΠΟΥΛΟΥ
Εἶνε τό μόνον ἐκ γνησίου καί προσφάτου μουρουνελαίου παρασκευαζόμενον, λαμβάνεται εὐχολώτατα καί εἶνε τελείως ἀρωματικόν.
Φαρμακεῖα: Δ. καί Π. ΜΑΡΙΝΟΠΟΥΛΟΥ Φιλελλήνων 6 — Σόλωνος 108
ΔΡΟΜΟΛΟΓΙΟΝ
ΕΛΛΗΝΙΚΗΣ ΤΑΧΥΔΡΟΜΙΚΗΣ ΑΤΜΟΠΛΟΪΑΣ Δ. ΔΙΑΚΑΚΗ
Ἀναχωρήσεις ἐκ Πειραιῶς
ΔΕΥΤΕΡΑΝ ὥραν 7 μ. μ. διά Χαλκίδα, Λίμνην, Αἰδηψόν, Στυλίδα. ΤΡΙΤΗΝ ὥραν 8 μ. μ. διά Ἀργοστόλιον. ΤΕΤΑΡΤΗΝ ὥραν 7 μ. μ. διά Χαλκίδα, Αἰδηψόν. ΠΕΜΠΤΗΝ ὥραν 8 μ. μ. διά Κύθηρα. ΣΑΒΒΑΤΟΝ ὥραν 8 μ. μ. διά Ἄνδρον, Τῆνον, Σῦρον. ΚΥΡΙΑΚΗΝ ὥραν 8 μ. μ. διά Σῦρον.
Πρακτορεῖα: Ἐν Ἀθήναις ὁδός Σταδίου 64 — Πλατεία Ὁμονοίας. Ἀριθ. τηλεφώνου 252.
ΛΑΪΚΗ ΤΡΑΠΕΖΑ
Ταμιευτήριον 4 1/4 0/0
Καταθέσεις χρημάτων ἐπί τόκω εἰς πρώτην ζήτησιν καί ἐπί προθεσμία.
ΕΠΙΤΥΧΙΑ 23 ΕΤΩΝ
ΥΓΡΟΝ ΑΝΤΙΔΙΑΒΡΩΤΙΚΟΝ
ΕΠΙΤΥΧΙΩΝ
Διά τοῦ θαυματουργοῦ τούτου φαρμάκου θεραπεύεται ριζικῶς ἡ ἀλωπεκίασις καί ἡ χρονιωτάτη Βλεννόρροια.
ΕΠΙΤΥΧΙΑΙ 100 ΤΟΙΣ 100 — Τιμή δρ. 5,50
Ν. ΒΑΚΤΑΛΟΠΟΥΛΟΥ — ΓΩΝΙΑ ΣΟΛΩΝΟΣ-ΙΠΠΟΚΡΑΤΟΥΣ
ΕΚΠΤΩΣΙΣ ΠΡΑΓΜΑΤΙΚΗ
Τό ἐπί τῆς ὁδοῦ Σταδίου 33 Μέγα Ὑποδηματοπωλεῖον τοῦ κ. Α. Τσάμη ἀρχίζει ἐφ' ὅλων τῶν ἐν παρακαταθήκῃ ἐμπορευμάτων ἔκπτωσιν πραγματικήν.
ΕΝΑ ΘΑΥΜΑΤΟΥΡΓΟΝ ΦΑΡΜΑΚΟΝ
Ἀνακαλυφθέν ὑπό ὁμογενοῦς φαρμακοποιοῦ τῆς Κωνσταντινουπόλεως, τοῦ κ. Α. Μυρίδου, θεραπεύει τούς πάσχοντας ἐξ ἀρθριτικῶν, ρευματικῶν, ἰσχιαλγίας καί νευραλγιῶν.
ΤΟ ΠΑΥΣΟΔΥΝΟΝ ΜΥΡΙΔΟΥ
Τιμή φιαλιδίου δρ. 2.50
ΝΟΣΗΜΑΤΑ ΣΤΟΜΑΧΟΥ
Γ. ΚΑΛΑΜΠΟΥΣΗΣ (ΙΑΤΡΟΣ)
8 ΟΔΟΣ ΝΙΚΗΦΟΡΟΥ — ΠΑΡΟΔΟΣ ΑΓΙΟΥ ΚΩΝΣΤΑΝΤΙΝΟΥ — ΜΕΤΑ ΤΟ ΒΑΣΙΛΙΚΟΝ ΘΕΑΤΡΟΝ
ΩΡΑΙ ΕΠΙΣΚΕΨΕΩΣ 9—11 Π. Μ. καί 2—4 Μ. Μ.
ΜΟΝΟΝ ΜΕ 85 ΔΡΑΧΜΑΣ
ΜΗΧΑΝΑΙ ΡΑΠΤΙΚΗΣ
Τοῦ Ἀγγλικοῦ ἐργοστασίου ΙΟΝΕΣ
Πωλοῦνται Μέ Δόσεις Μέ 3 Δραχ. Τήν Ἑβδομάδα
Στοῦ Γ. Ν. ΚΟΝΣΟΛΑ Ὁδός Ἑρμοῦ 88
